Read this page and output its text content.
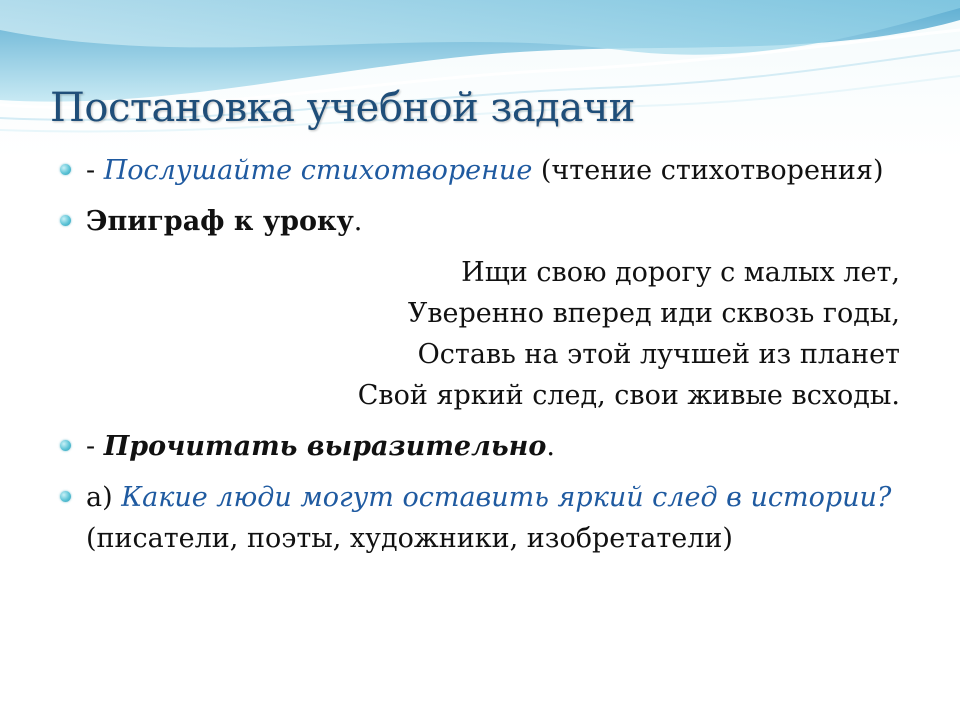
Постановка учебной задачи
- Послушайте стихотворение (чтение стихотворения)
Эпиграф к уроку.
Ищи свою дорогу с малых лет,
Уверенно вперед иди сквозь годы,
Оставь на этой лучшей из планет
Свой яркий след, свои живые всходы.
- Прочитать выразительно.
а) Какие люди могут оставить яркий след в истории? (писатели, поэты, художники, изобретатели)
